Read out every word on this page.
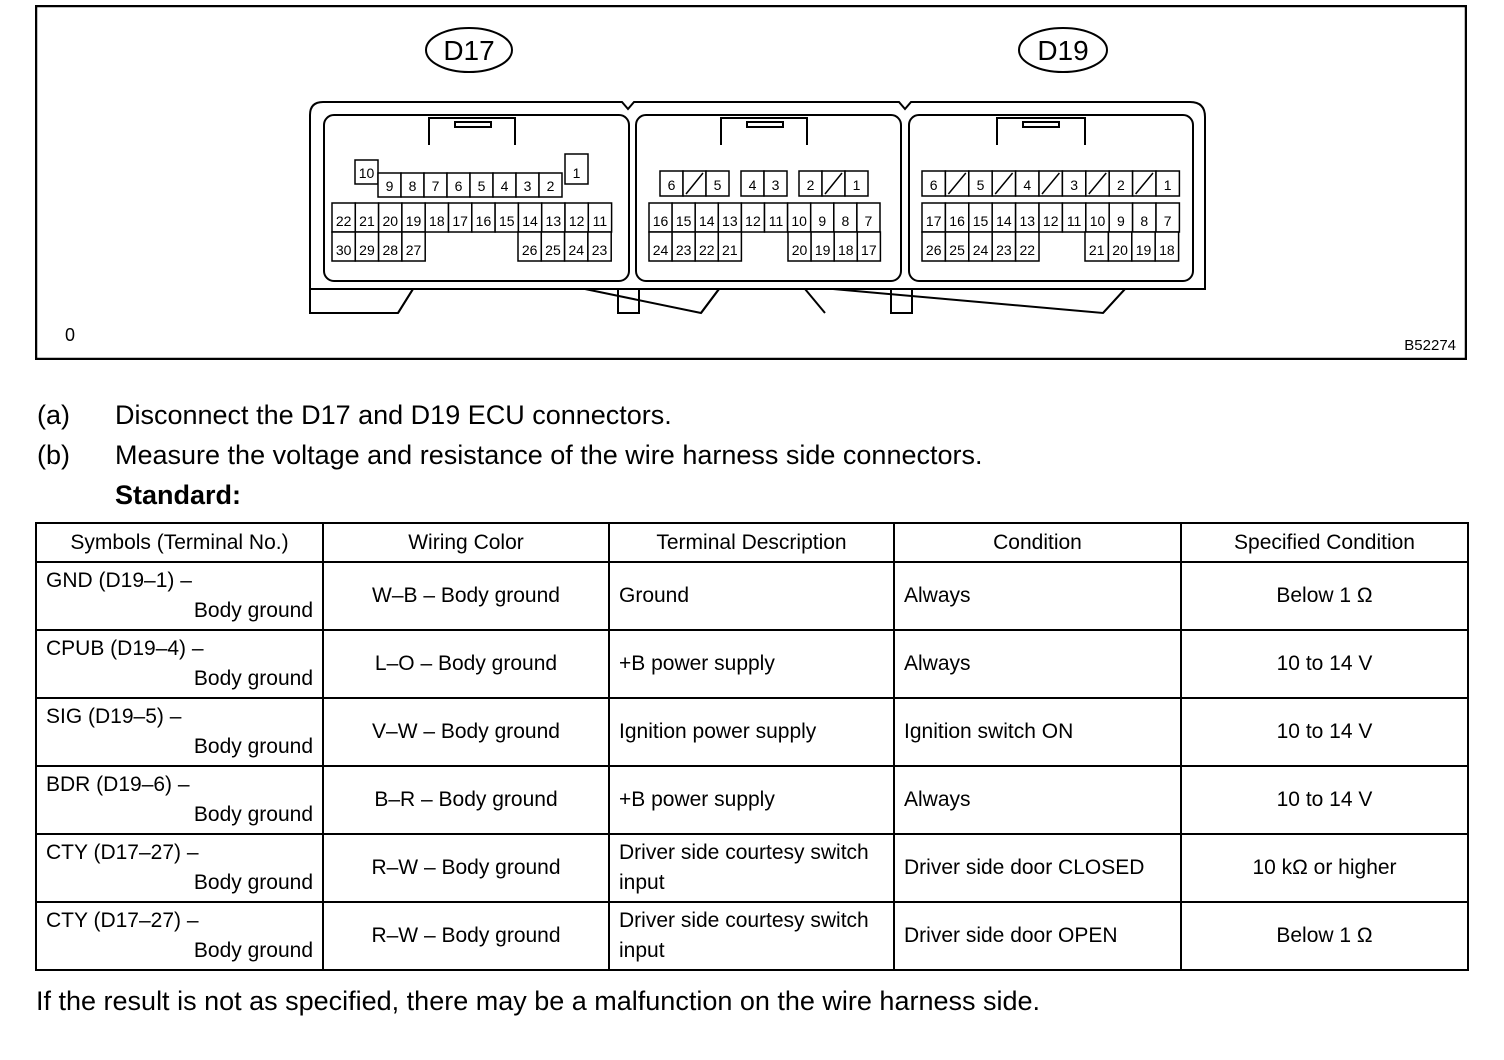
D17	D19
0
B52274
10
9 8 7 6 5 4 3 2
1
22 21 20 19 18 17 16 15 14 13 12 11
30 29 28 27	26 25 24 23
6	5 4 3 2	1
16 15 14 13 12 11 10 9 8 7
24 23 22 21	20 19 18 17
6	5	4	3	2	1
17 16 15 14 13 12 11 10 9 8 7
26 25 24 23 22	21 20 19 18
(a) Disconnect the D17 and D19 ECU connectors.
(b) Measure the voltage and resistance of the wire harness side connectors.
Standard:
Symbols (Terminal No.)	Wiring Color	Terminal Description	Condition	Specified Condition

GND (D19–1) –
Body ground	W–B – Body ground	Ground	Always	Below 1 Ω

CPUB (D19–4) –
Body ground	L–O – Body ground	+B power supply	Always	10 to 14 V

SIG (D19–5) –
Body ground	V–W – Body ground	Ignition power supply	Ignition switch ON	10 to 14 V

BDR (D19–6) –
Body ground	B–R – Body ground	+B power supply	Always	10 to 14 V

CTY (D17–27) –
Body ground	R–W – Body ground	Driver side courtesy switch input	Driver side door CLOSED	10 kΩ or higher

CTY (D17–27) –
Body ground	R–W – Body ground	Driver side courtesy switch input	Driver side door OPEN	Below 1 Ω
If the result is not as specified, there may be a malfunction on the wire harness side.
